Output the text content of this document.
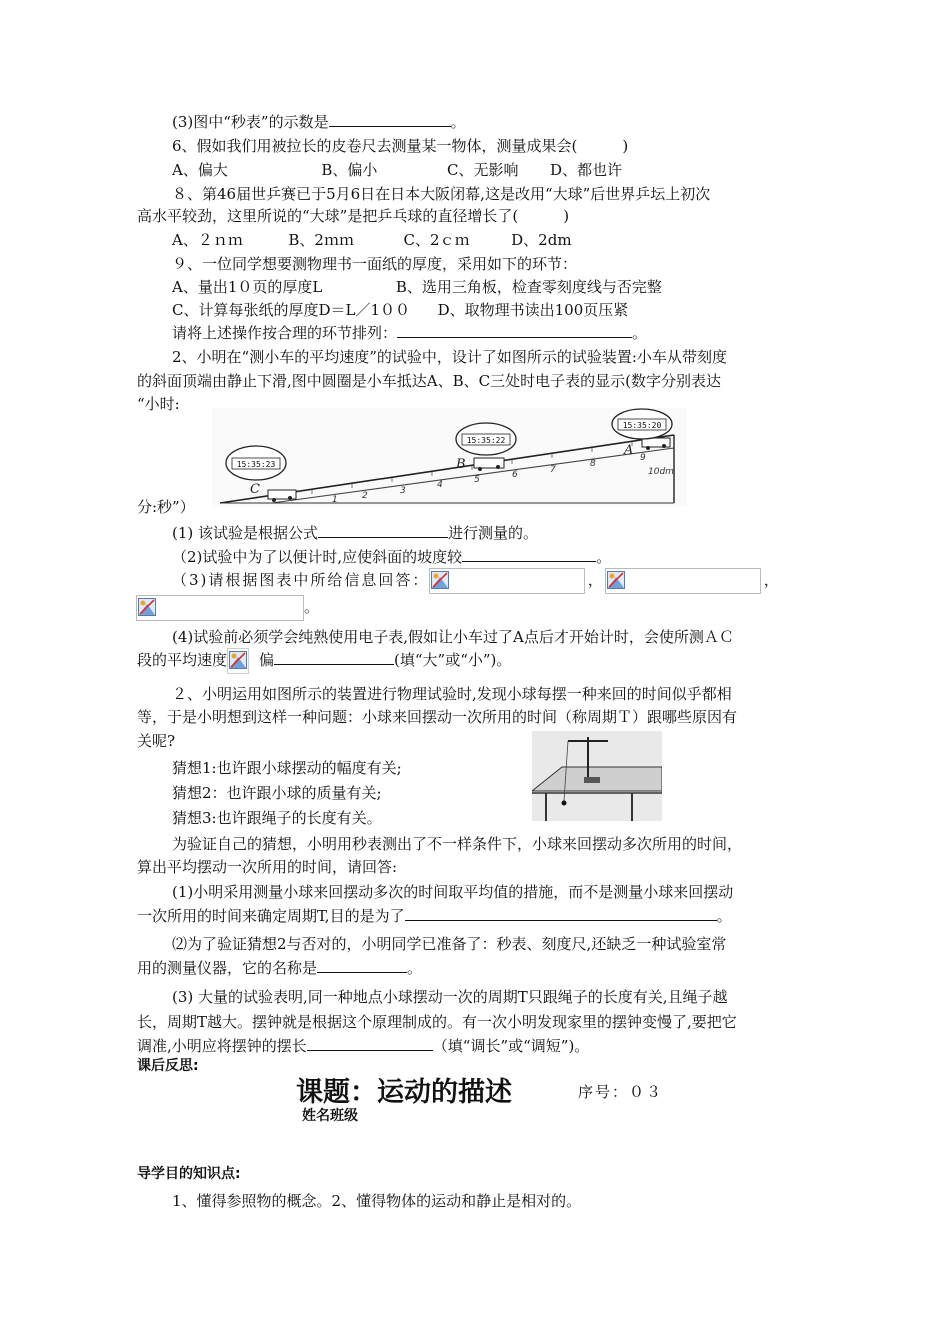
(3)图中“秒表”的示数是	。
6、假如我们用被拉长的皮卷尺去测量某一物体，测量成果会(　　　)
A、偏大	B、偏小	C、无影响 D、都也许
８、第46届世乒赛已于5月6日在日本大阪闭幕,这是改用“大球”后世界乒坛上初次
高水平较劲，这里所说的“大球”是把乒乓球的直径增长了(　　　)
A、２ｎｍ	B、2ｍｍ	C、2ｃｍ	D、2dm
９、一位同学想要测物理书一面纸的厚度，采用如下的环节：
A、量出1０页的厚度L	B、选用三角板，检查零刻度线与否完整
C、计算每张纸的厚度D＝L／1００ D、取物理书读出100页压紧
请将上述操作按合理的环节排列：	。
2、小明在“测小车的平均速度”的试验中，设计了如图所示的试验装置:小车从带刻度
的斜面顶端由静止下滑,图中圆圈是小车抵达A、B、C三处时电子表的显示(数字分别表达
“小时:
1	2	3
4	5	6	7
8
9
10dm
C
B
A
15:35:23
15:35:22
15:35:20
分:秒”）
(1) 该试验是根据公式	进行测量的。
（2)试验中为了以便计时,应使斜面的坡度较	。
（3)请根据图表中所给信息回答：	，	，
。
(4)试验前必须学会纯熟使用电子表,假如让小车过了A点后才开始计时，会使所测ＡＣ
段的平均速度 偏	(填“大”或“小”)。
２、小明运用如图所示的装置进行物理试验时,发现小球每摆一种来回的时间似乎都相
等，于是小明想到这样一种问题：小球来回摆动一次所用的时间（称周期Ｔ）跟哪些原因有
关呢?
猜想1:也许跟小球摆动的幅度有关;
猜想2：也许跟小球的质量有关;
猜想3:也许跟绳子的长度有关。
为验证自己的猜想，小明用秒表测出了不一样条件下，小球来回摆动多次所用的时间，
算出平均摆动一次所用的时间，请回答:
(1)小明采用测量小球来回摆动多次的时间取平均值的措施，而不是测量小球来回摆动
一次所用的时间来确定周期T,目的是为了	。
⑵为了验证猜想2与否对的，小明同学已准备了：秒表、刻度尺,还缺乏一种试验室常
用的测量仪器，它的名称是	。
(3) 大量的试验表明,同一种地点小球摆动一次的周期T只跟绳子的长度有关,且绳子越
长，周期T越大。摆钟就是根据这个原理制成的。有一次小明发现家里的摆钟变慢了,要把它
调准,小明应将摆钟的摆长	（填“调长”或“调短”)。
课后反思:
课题：运动的描述	序号：０３
姓名班级
导学目的知识点:
1、懂得参照物的概念。2、懂得物体的运动和静止是相对的。
